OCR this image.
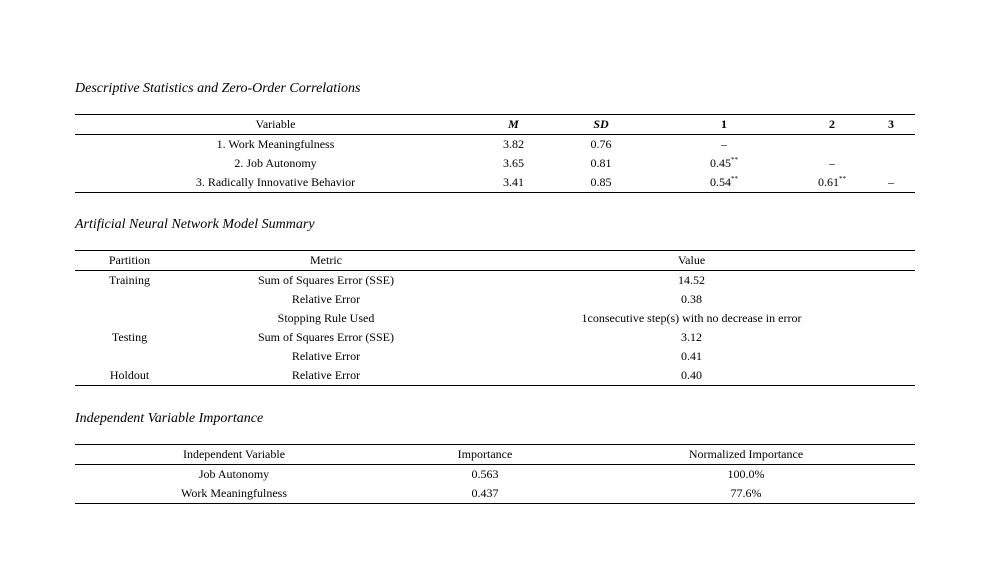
Descriptive Statistics and Zero-Order Correlations
Variable	M	SD	1	2	3
1. Work Meaningfulness	3.82	0.76	–		
2. Job Autonomy	3.65	0.81	0.45**	–	
3. Radically Innovative Behavior	3.41	0.85	0.54**	0.61**	–
Artificial Neural Network Model Summary
Partition	Metric	Value
Training	Sum of Squares Error (SSE)	14.52
	Relative Error	0.38
	Stopping Rule Used	1consecutive step(s) with no decrease in error
Testing	Sum of Squares Error (SSE)	3.12
	Relative Error	0.41
Holdout	Relative Error	0.40
Independent Variable Importance
Independent Variable	Importance	Normalized Importance
Job Autonomy	0.563	100.0%
Work Meaningfulness	0.437	77.6%
